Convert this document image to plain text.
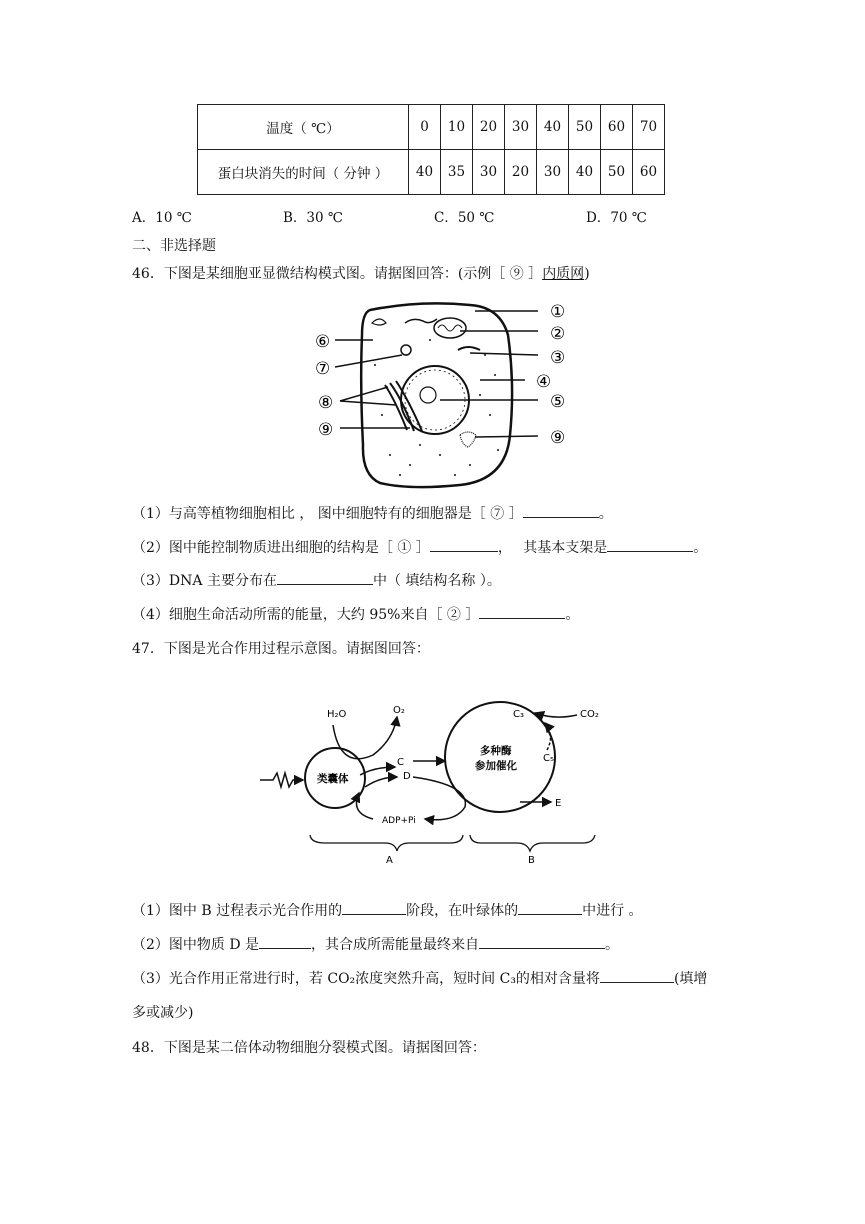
温度（ ℃）	0	10	20	30	40	50	60	70
蛋白块消失的时间（ 分钟 ）	40	35	30	20	30	40	50	60
A．10 ℃	B．30 ℃	C．50 ℃	D．70 ℃
二、非选择题
46．下图是某细胞亚显微结构模式图。请据图回答：(示例［ ⑨ ］内质网)
①
②
③
④
⑤
⑥
⑦
⑧
⑨	⑨
（1）与高等植物细胞相比 ， 图中细胞特有的细胞器是［ ⑦ ］	。
（2）图中能控制物质进出细胞的结构是［ ① ］	，　 其基本支架是	。
（3）DNA 主要分布在	中（ 填结构名称 ）。
（4）细胞生命活动所需的能量，大约 95%来自［ ② ］	。
47．下图是光合作用过程示意图。请据图回答：
H₂O	O₂
C
D
类囊体
ADP+Pi
多种酶
参加催化
C₃	CO₂
C₅
E
A	B
（1）图中 B 过程表示光合作用的	阶段，在叶绿体的	中进行 。
（2）图中物质 D 是	，其合成所需能量最终来自	。
（3）光合作用正常进行时，若 CO₂浓度突然升高，短时间 C₃的相对含量将	(填增
多或减少)
48．下图是某二倍体动物细胞分裂模式图。请据图回答：
